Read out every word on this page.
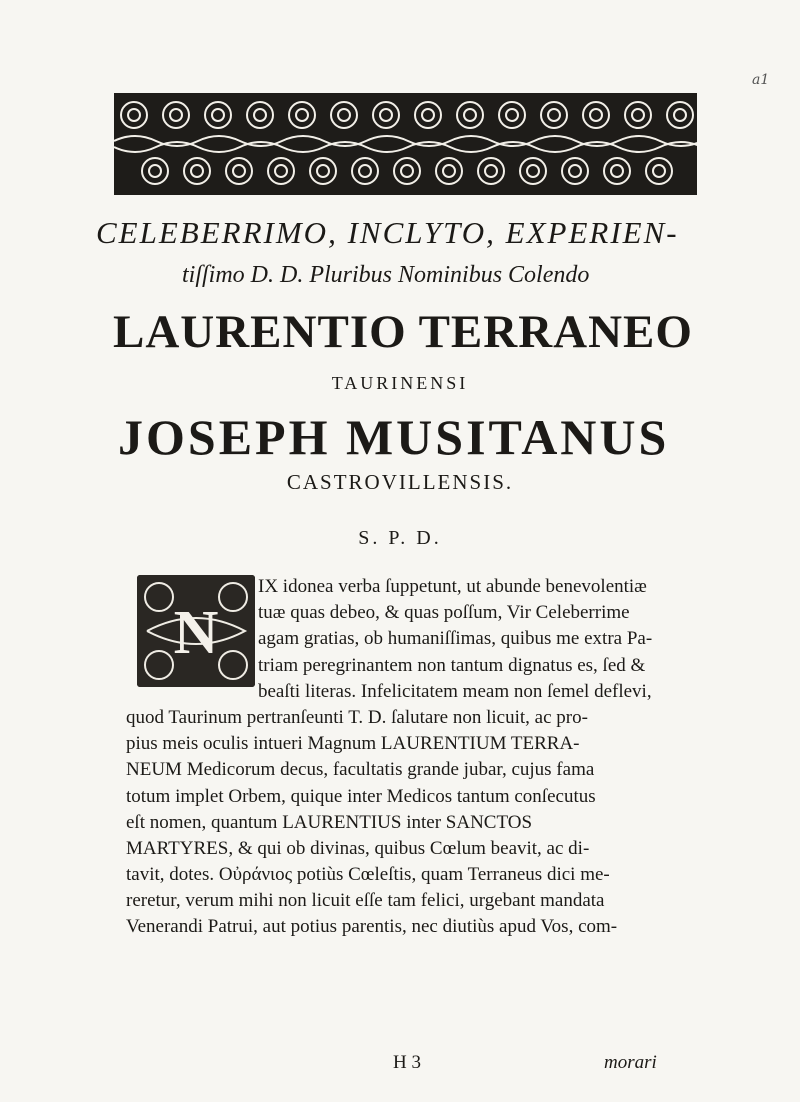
a1
CELEBERRIMO, INCLYTO, EXPERIEN-
tiſſimo D. D. Pluribus Nominibus Colendo
LAURENTIO TERRANEO
TAURINENSI
JOSEPH MUSITANUS
CASTROVILLENSIS.
S. P. D.
N
IX idonea verba ſuppetunt, ut abunde benevolentiæ
tuæ quas debeo, & quas poſſum, Vir Celeberrime
agam gratias, ob humaniſſimas, quibus me extra Pa-
triam peregrinantem non tantum dignatus es, ſed &
beaſti literas. Infelicitatem meam non ſemel deflevi,
quod Taurinum pertranſeunti T. D. ſalutare non licuit, ac pro-
pius meis oculis intueri Magnum LAURENTIUM TERRA-
NEUM Medicorum decus, facultatis grande jubar, cujus fama
totum implet Orbem, quique inter Medicos tantum conſecutus
eſt nomen, quantum LAURENTIUS inter SANCTOS
MARTYRES, & qui ob divinas, quibus Cœlum beavit, ac di-
tavit, dotes. Οὐράνιος potiùs Cœleſtis, quam Terraneus dici me-
reretur, verum mihi non licuit eſſe tam felici, urgebant mandata
Venerandi Patrui, aut potius parentis, nec diutiùs apud Vos, com-
H 3	morari
